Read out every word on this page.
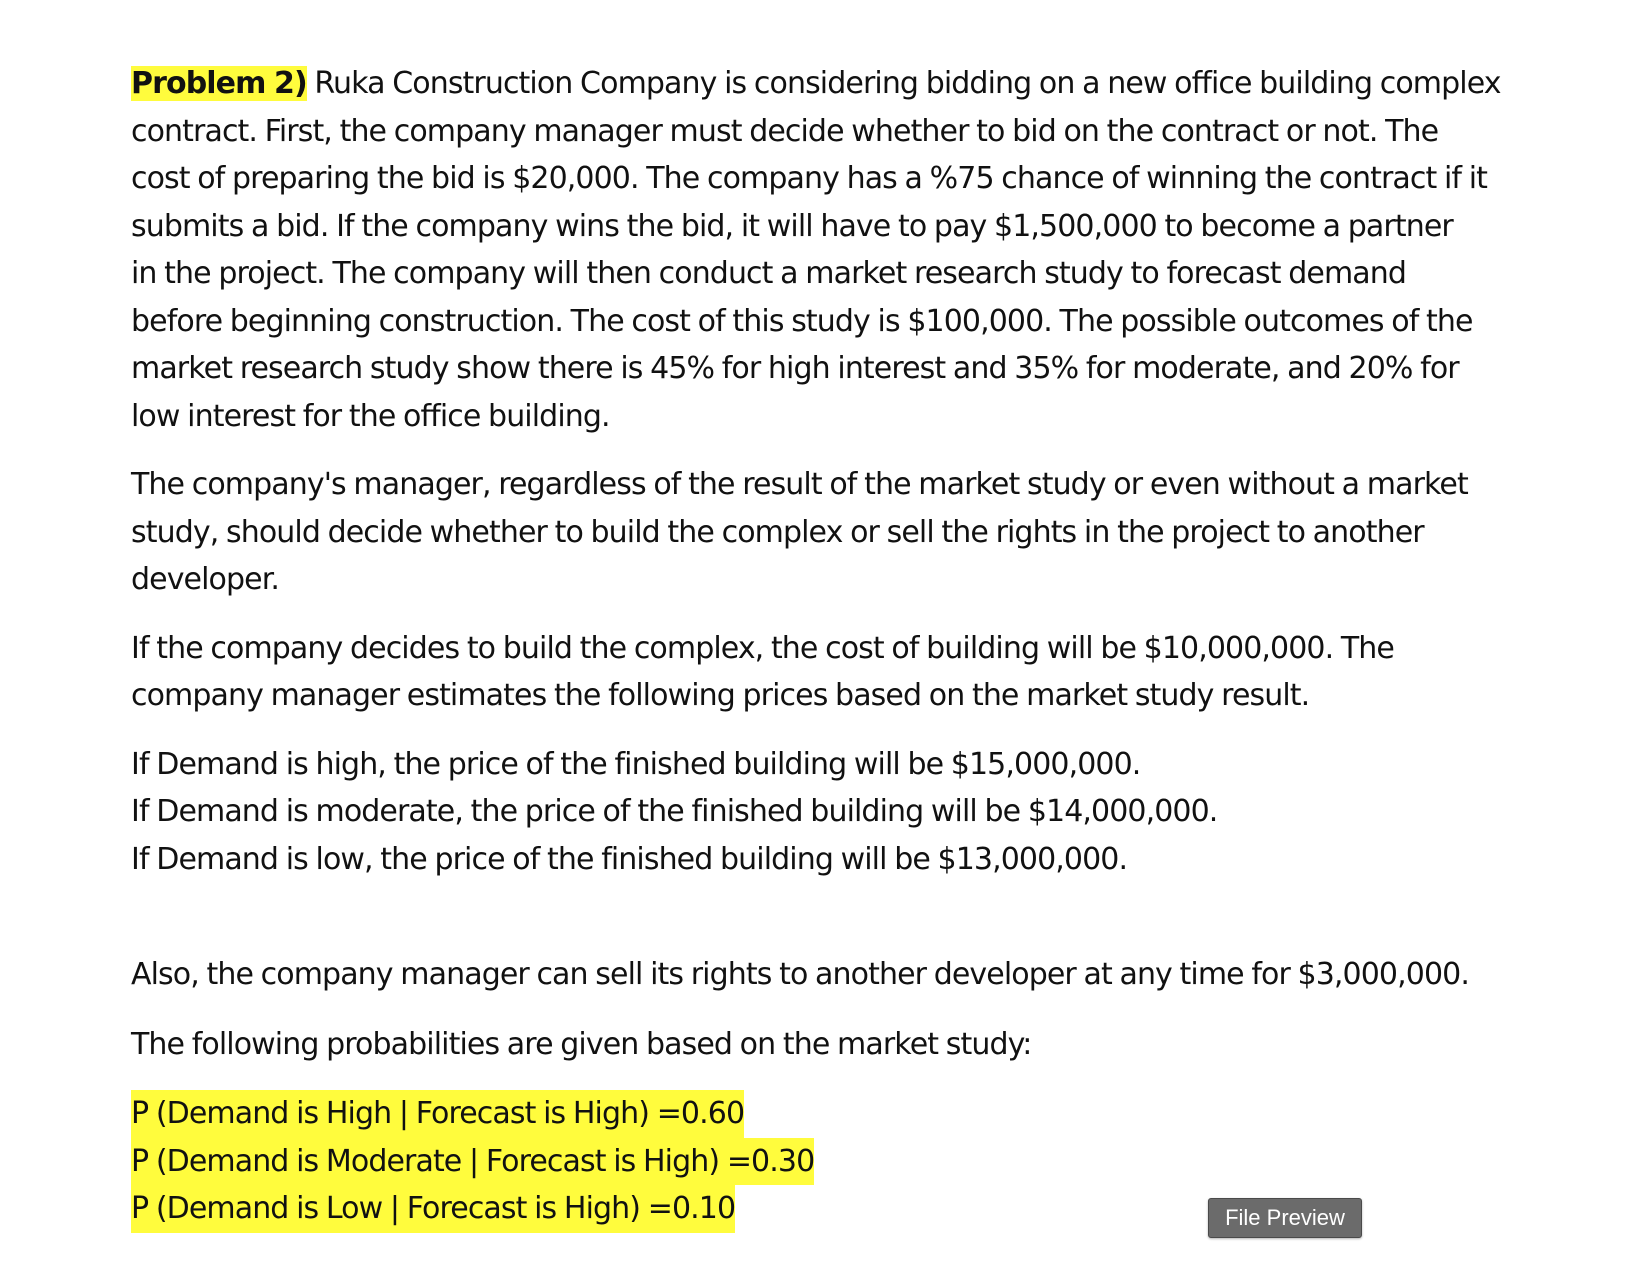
Problem 2) Ruka Construction Company is considering bidding on a new office building complex
contract. First, the company manager must decide whether to bid on the contract or not. The
cost of preparing the bid is $20,000. The company has a %75 chance of winning the contract if it
submits a bid. If the company wins the bid, it will have to pay $1,500,000 to become a partner
in the project. The company will then conduct a market research study to forecast demand
before beginning construction. The cost of this study is $100,000. The possible outcomes of the
market research study show there is 45% for high interest and 35% for moderate, and 20% for
low interest for the office building.
The company's manager, regardless of the result of the market study or even without a market
study, should decide whether to build the complex or sell the rights in the project to another
developer.
If the company decides to build the complex, the cost of building will be $10,000,000. The
company manager estimates the following prices based on the market study result.
If Demand is high, the price of the finished building will be $15,000,000.
If Demand is moderate, the price of the finished building will be $14,000,000.
If Demand is low, the price of the finished building will be $13,000,000.
Also, the company manager can sell its rights to another developer at any time for $3,000,000.
The following probabilities are given based on the market study:
P (Demand is High | Forecast is High) =0.60
P (Demand is Moderate | Forecast is High) =0.30
P (Demand is Low | Forecast is High) =0.10	File Preview
